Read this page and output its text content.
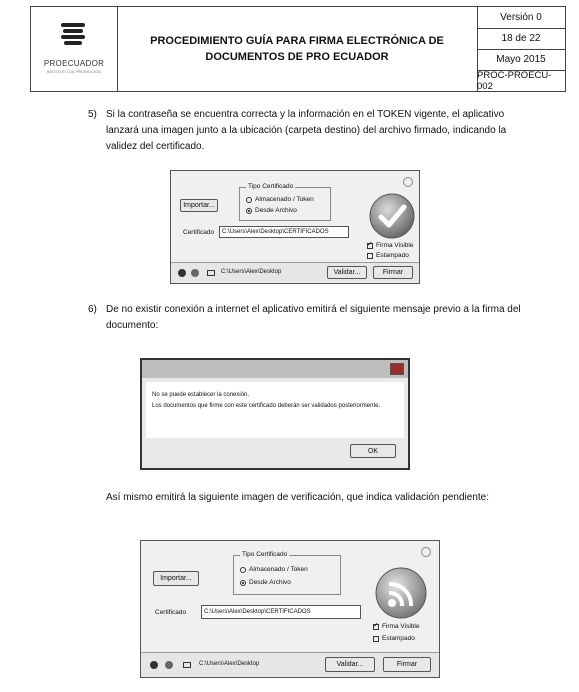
PROECUADOR
INSTITUTO DE PROMOCIÓN
PROCEDIMIENTO GUÍA PARA FIRMA ELECTRÓNICA DE DOCUMENTOS DE PRO ECUADOR
Versión 0
18 de 22
Mayo 2015
PROC-PROECU-002
5) Si la contraseña se encuentra correcta y la información en el TOKEN vigente, el aplicativo lanzará una imagen junto a la ubicación (carpeta destino) del archivo firmado, indicando la validez del certificado.
Importar...
Tipo Certificado
Almacenado / Token
Desde Archivo
Certificado	C:\Users\Alex\Desktop\CERTIFICADOS
✓
Firma Visible
Estampado
C:\Users\Alex\Desktop	Validar...	Firmar
6) De no existir conexión a internet el aplicativo emitirá el siguiente mensaje previo a la firma del documento:
No se puede establecer la conexión.
Los documentos que firme con este certificado deberán ser validados posteriormente.
OK
Así mismo emitirá la siguiente imagen de verificación, que indica validación pendiente:
Importar...
Tipo Certificado
Almacenado / Token
Desde Archivo
Certificado	C:\Users\Alex\Desktop\CERTIFICADOS
✓
Firma Visible
Estampado
C:\Users\Alex\Desktop	Validar...	Firmar
